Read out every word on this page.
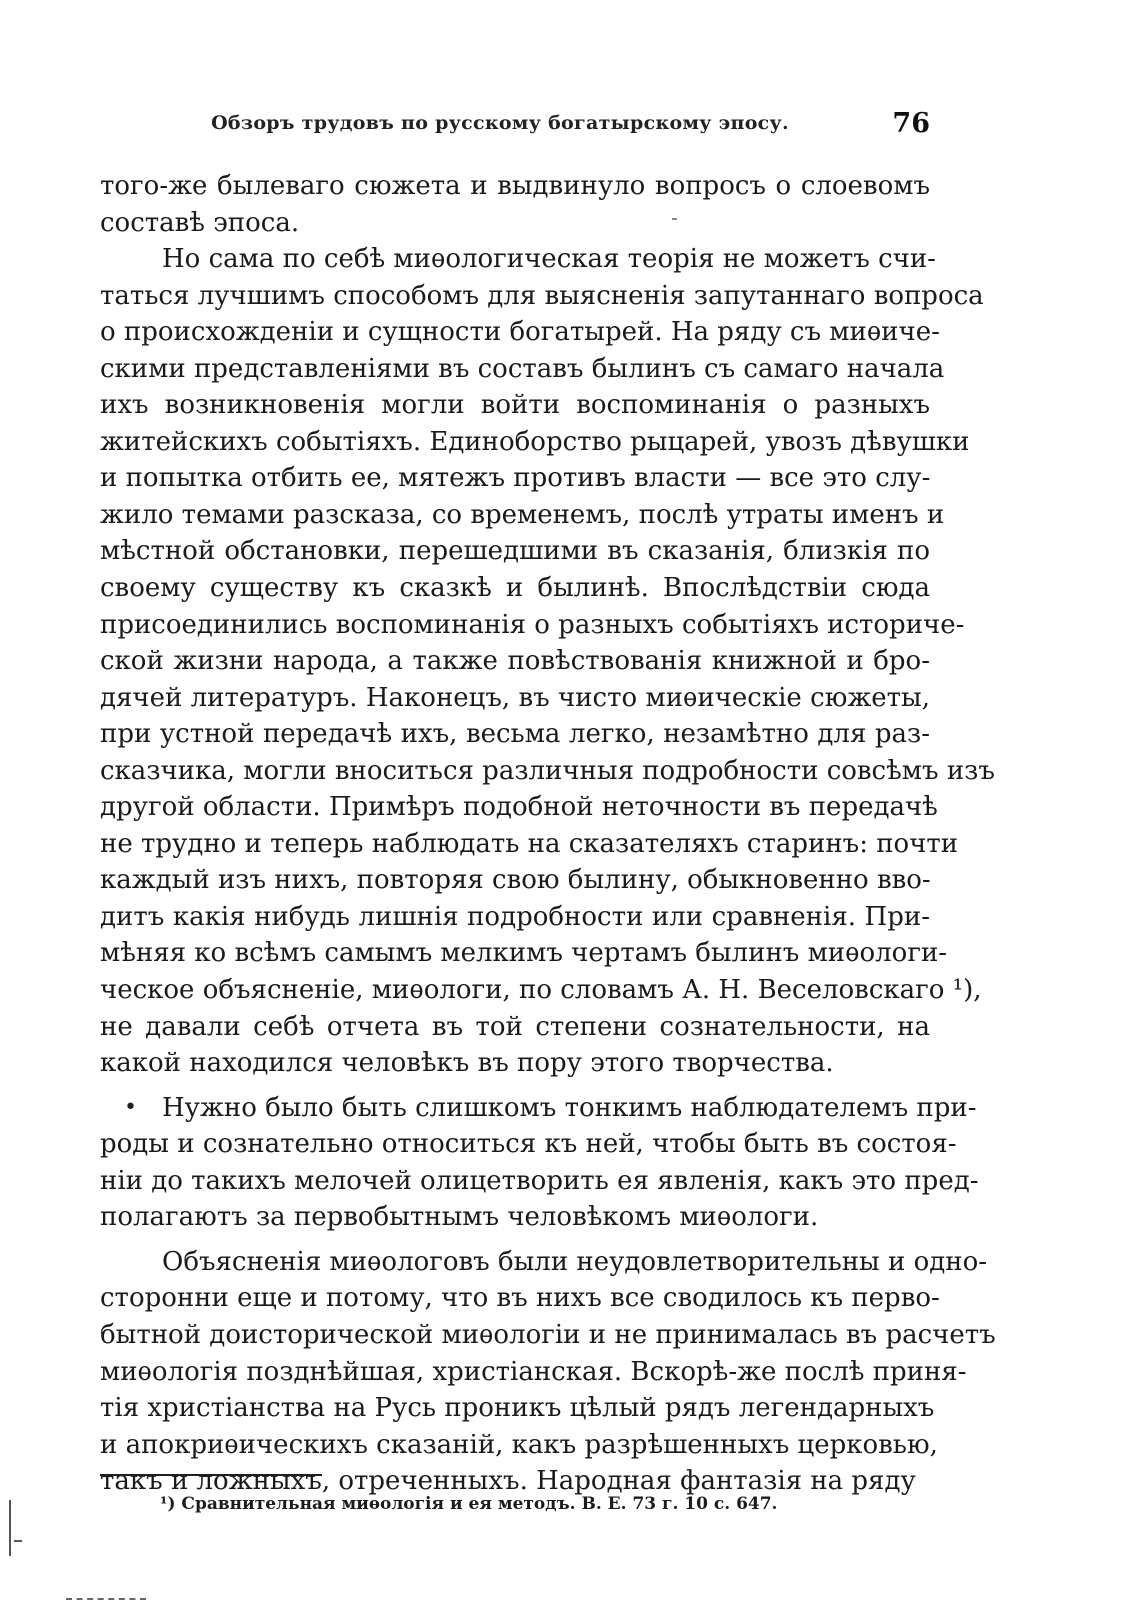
Обзоръ трудовъ по русскому богатырскому эпосу.	76
того-же былеваго сюжета и выдвинуло вопросъ о слоевомъ
составѣ эпоса.
Но сама по себѣ миѳологическая теорія не можетъ счи-
таться лучшимъ способомъ для выясненія запутаннаго вопроса
о происхожденіи и сущности богатырей. На ряду съ миѳиче-
скими представленіями въ составъ былинъ съ самаго начала
ихъ возникновенія могли войти воспоминанія о разныхъ
житейскихъ событіяхъ. Единоборство рыцарей, увозъ дѣвушки
и попытка отбить ее, мятежъ противъ власти — все это слу-
жило темами разсказа, со временемъ, послѣ утраты именъ и
мѣстной обстановки, перешедшими въ сказанія, близкія по
своему существу къ сказкѣ и былинѣ. Впослѣдствіи сюда
присоединились воспоминанія о разныхъ событіяхъ историче-
ской жизни народа, а также повѣствованія книжной и бро-
дячей литературъ. Наконецъ, въ чисто миѳическіе сюжеты,
при устной передачѣ ихъ, весьма легко, незамѣтно для раз-
сказчика, могли вноситься различныя подробности совсѣмъ изъ
другой области. Примѣръ подобной неточности въ передачѣ
не трудно и теперь наблюдать на сказателяхъ старинъ: почти
каждый изъ нихъ, повторяя свою былину, обыкновенно вво-
дитъ какія нибудь лишнія подробности или сравненія. При-
мѣняя ко всѣмъ самымъ мелкимъ чертамъ былинъ миѳологи-
ческое объясненіе, миѳологи, по словамъ А. Н. Веселовскаго ¹),
не давали себѣ отчета въ той степени сознательности, на
какой находился человѣкъ въ пору этого творчества.
• Нужно было быть слишкомъ тонкимъ наблюдателемъ при-
роды и сознательно относиться къ ней, чтобы быть въ состоя-
ніи до такихъ мелочей олицетворить ея явленія, какъ это пред-
полагаютъ за первобытнымъ человѣкомъ миѳологи.
Объясненія миѳологовъ были неудовлетворительны и одно-
сторонни еще и потому, что въ нихъ все сводилось къ перво-
бытной доисторической миѳологіи и не принималась въ расчетъ
миѳологія позднѣйшая, христіанская. Вскорѣ-же послѣ приня-
тія христіанства на Русь проникъ цѣлый рядъ легендарныхъ
и апокриѳическихъ сказаній, какъ разрѣшенныхъ церковью,
такъ и ложныхъ, отреченныхъ. Народная фантазія на ряду
¹) Сравнительная миѳологія и ея методъ. В. Е. 73 г. 10 с. 647.
